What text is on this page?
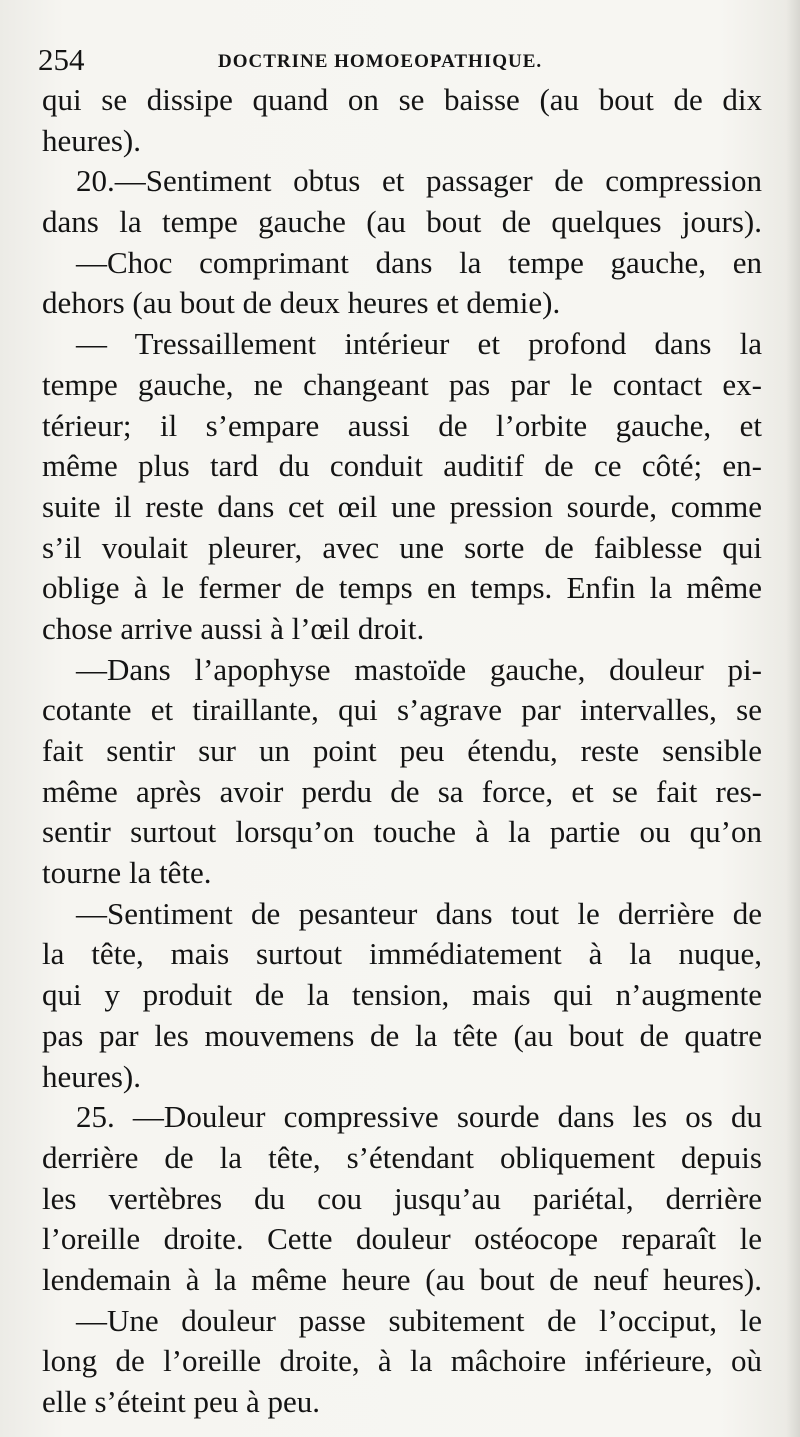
254	DOCTRINE HOMOEOPATHIQUE.
qui se dissipe quand on se baisse (au bout de dix
heures).
20.—Sentiment obtus et passager de compression
dans la tempe gauche (au bout de quelques jours).
—Choc comprimant dans la tempe gauche, en
dehors (au bout de deux heures et demie).
— Tressaillement intérieur et profond dans la
tempe gauche, ne changeant pas par le contact ex-
térieur; il s’empare aussi de l’orbite gauche, et
même plus tard du conduit auditif de ce côté; en-
suite il reste dans cet œil une pression sourde, comme
s’il voulait pleurer, avec une sorte de faiblesse qui
oblige à le fermer de temps en temps. Enfin la même
chose arrive aussi à l’œil droit.
—Dans l’apophyse mastoïde gauche, douleur pi-
cotante et tiraillante, qui s’agrave par intervalles, se
fait sentir sur un point peu étendu, reste sensible
même après avoir perdu de sa force, et se fait res-
sentir surtout lorsqu’on touche à la partie ou qu’on
tourne la tête.
—Sentiment de pesanteur dans tout le derrière de
la tête, mais surtout immédiatement à la nuque,
qui y produit de la tension, mais qui n’augmente
pas par les mouvemens de la tête (au bout de quatre
heures).
25. —Douleur compressive sourde dans les os du
derrière de la tête, s’étendant obliquement depuis
les vertèbres du cou jusqu’au pariétal, derrière
l’oreille droite. Cette douleur ostéocope reparaît le
lendemain à la même heure (au bout de neuf heures).
—Une douleur passe subitement de l’occiput, le
long de l’oreille droite, à la mâchoire inférieure, où
elle s’éteint peu à peu.
